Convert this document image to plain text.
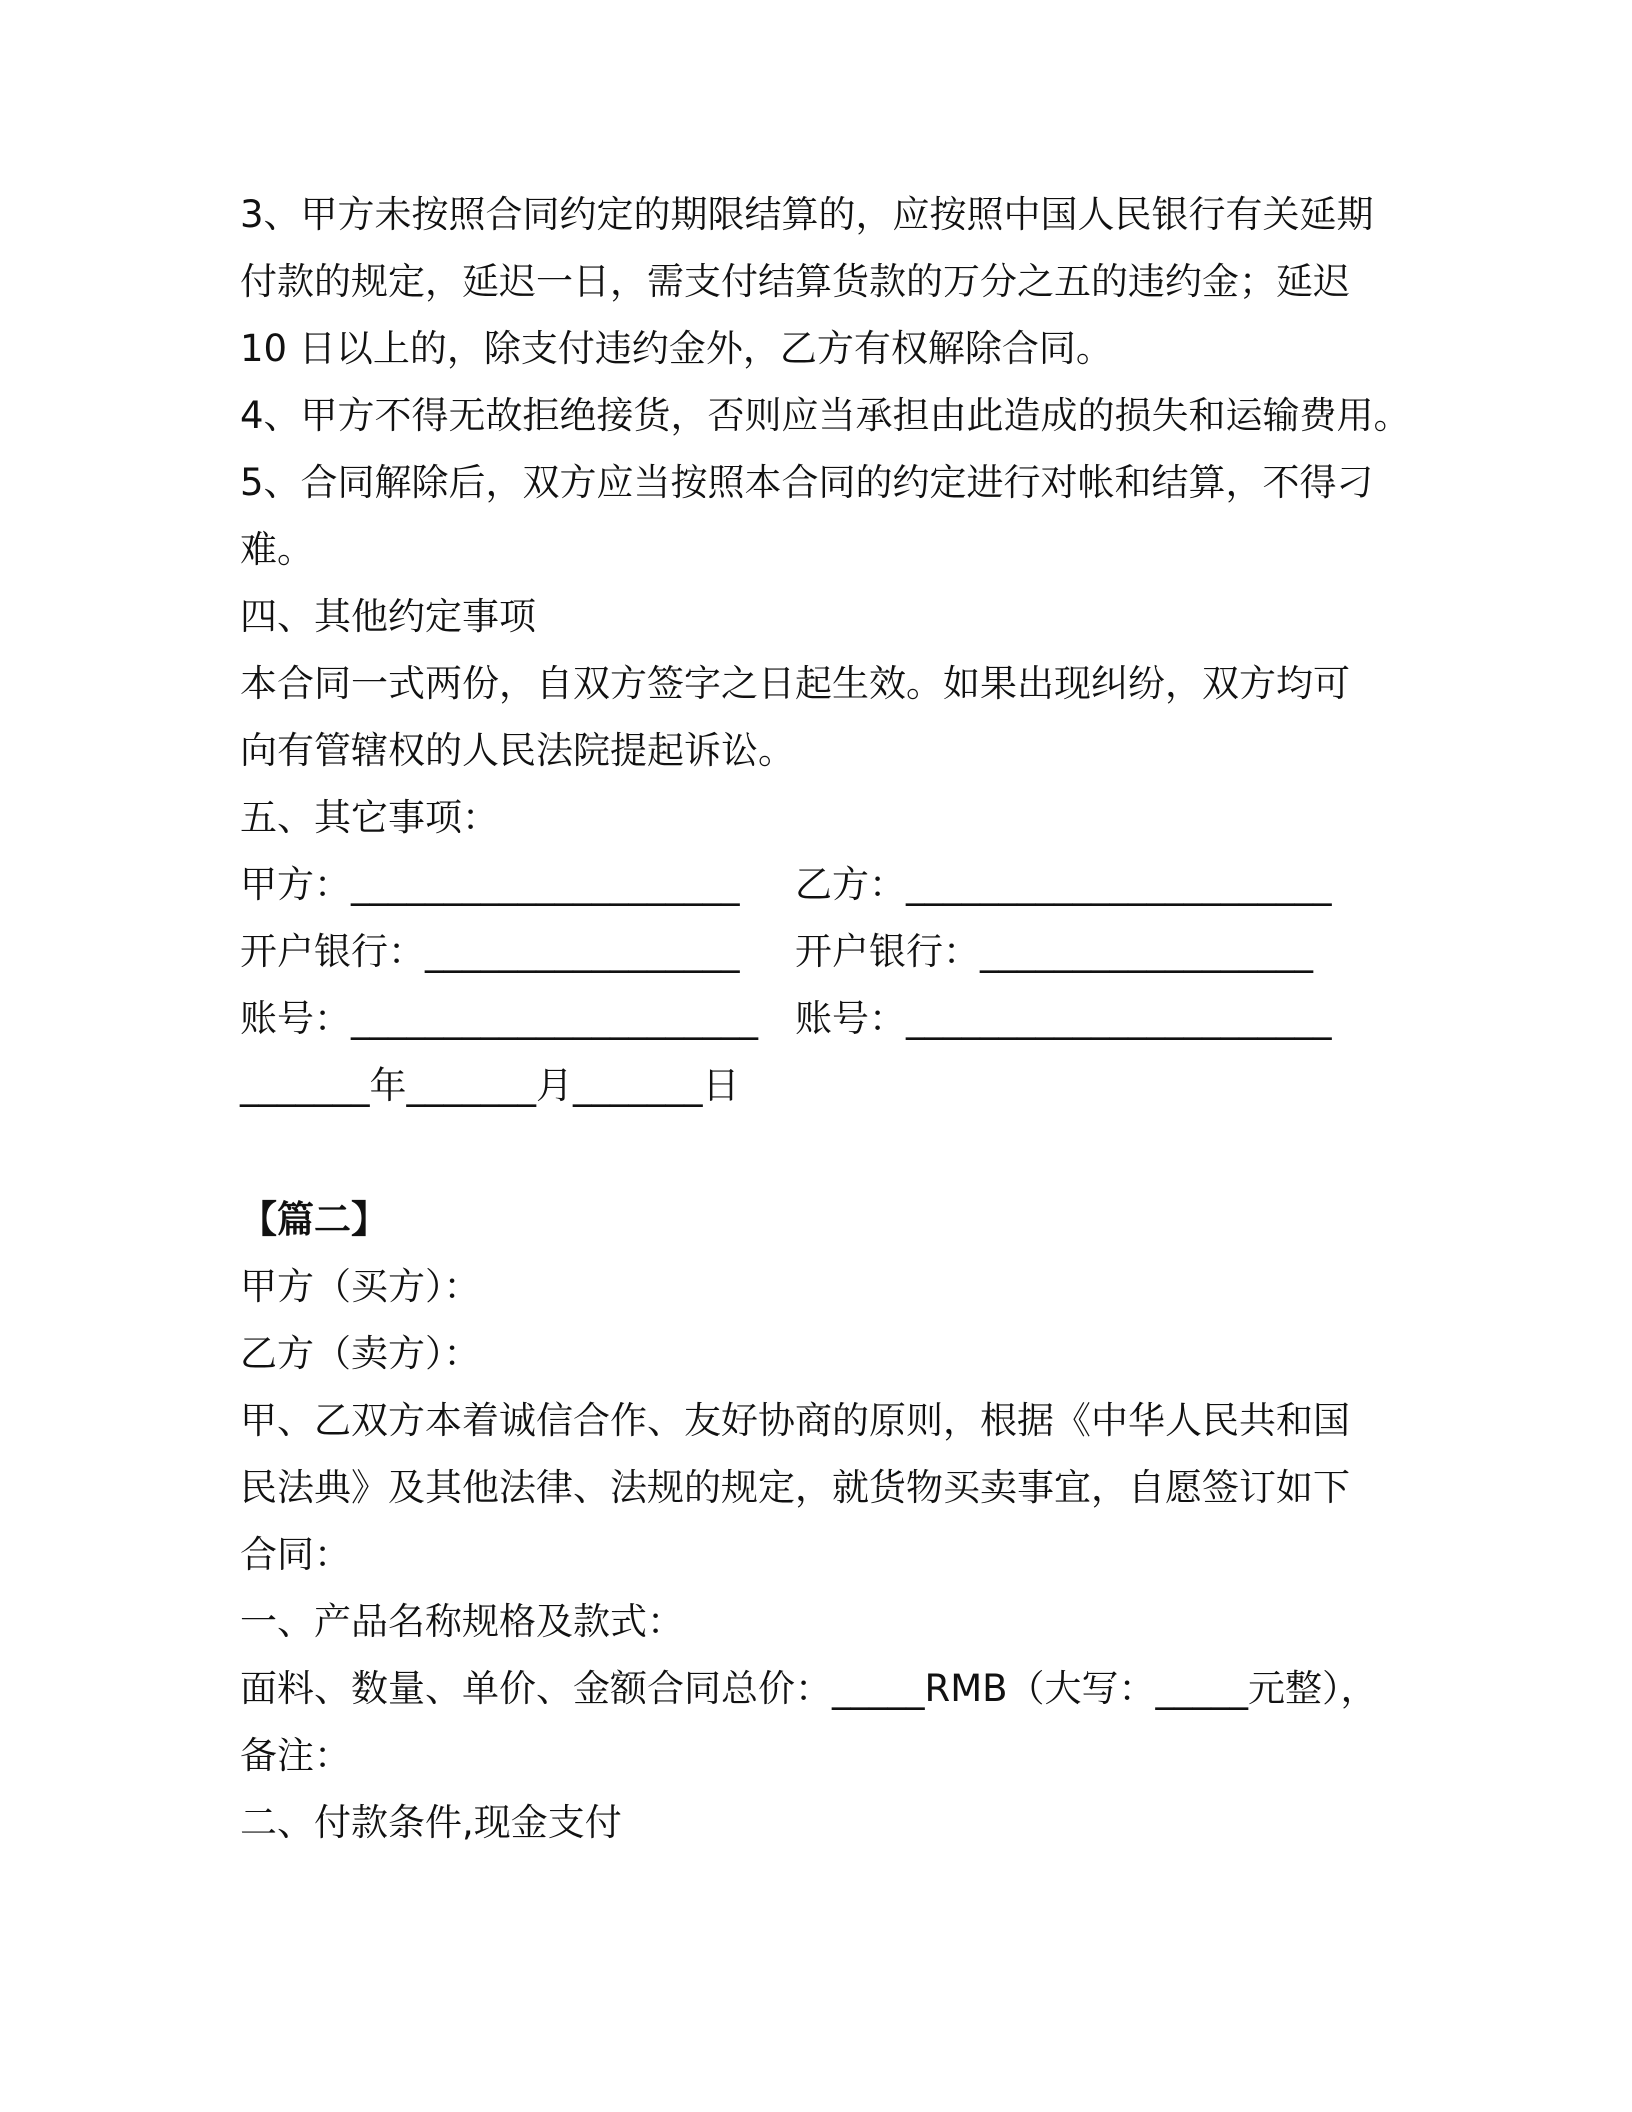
3、甲方未按照合同约定的期限结算的，应按照中国人民银行有关延期
付款的规定，延迟一日，需支付结算货款的万分之五的违约金；延迟
10 日以上的，除支付违约金外，乙方有权解除合同。
4、甲方不得无故拒绝接货，否则应当承担由此造成的损失和运输费用。
5、合同解除后，双方应当按照本合同的约定进行对帐和结算，不得刁
难。
四、其他约定事项
本合同一式两份，自双方签字之日起生效。如果出现纠纷，双方均可
向有管辖权的人民法院提起诉讼。
五、其它事项：
甲方：_____________________ 乙方：_______________________
开户银行：_________________ 开户银行：__________________
账号：______________________ 账号：_______________________
_______年_______月_______日
【篇二】
甲方（买方）：
乙方（卖方）：
甲、乙双方本着诚信合作、友好协商的原则，根据《中华人民共和国
民法典》及其他法律、法规的规定，就货物买卖事宜，自愿签订如下
合同：
一、产品名称规格及款式：
面料、数量、单价、金额合同总价：_____RMB（大写：_____元整），
备注：
二、付款条件,现金支付
